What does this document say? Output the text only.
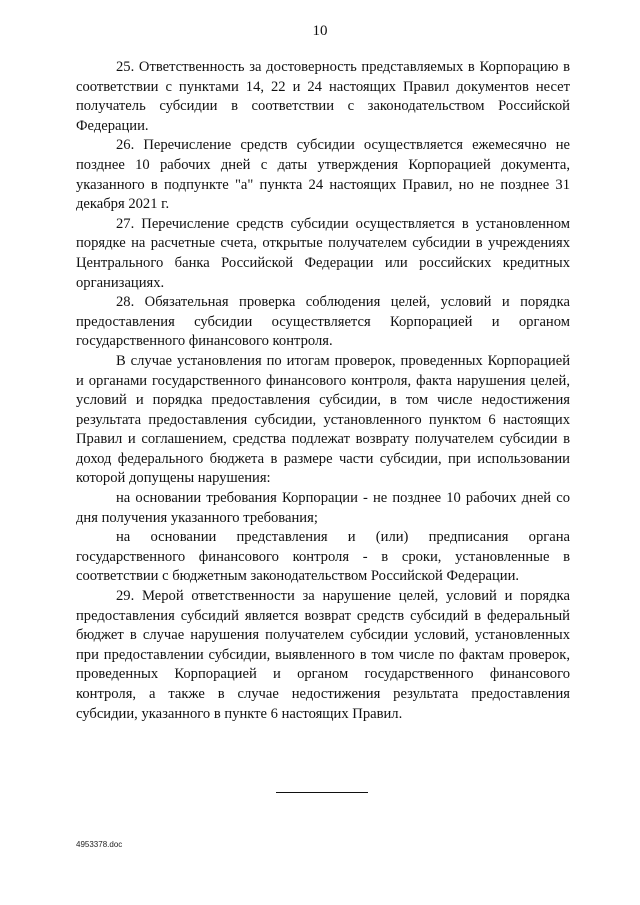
10

25. Ответственность за достоверность представляемых в Корпорацию в соответствии с пунктами 14, 22 и 24 настоящих Правил документов несет получатель субсидии в соответствии с законодательством Российской Федерации.

26. Перечисление средств субсидии осуществляется ежемесячно не позднее 10 рабочих дней с даты утверждения Корпорацией документа, указанного в подпункте "а" пункта 24 настоящих Правил, но не позднее 31 декабря 2021 г.

27. Перечисление средств субсидии осуществляется в установленном порядке на расчетные счета, открытые получателем субсидии в учреждениях Центрального банка Российской Федерации или российских кредитных организациях.

28. Обязательная проверка соблюдения целей, условий и порядка предоставления субсидии осуществляется Корпорацией и органом государственного финансового контроля.

В случае установления по итогам проверок, проведенных Корпорацией и органами государственного финансового контроля, факта нарушения целей, условий и порядка предоставления субсидии, в том числе недостижения результата предоставления субсидии, установленного пунктом 6 настоящих Правил и соглашением, средства подлежат возврату получателем субсидии в доход федерального бюджета в размере части субсидии, при использовании которой допущены нарушения:

на основании требования Корпорации - не позднее 10 рабочих дней со дня получения указанного требования;

на основании представления и (или) предписания органа государственного финансового контроля - в сроки, установленные в соответствии с бюджетным законодательством Российской Федерации.

29. Мерой ответственности за нарушение целей, условий и порядка предоставления субсидий является возврат средств субсидий в федеральный бюджет в случае нарушения получателем субсидии условий, установленных при предоставлении субсидии, выявленного в том числе по фактам проверок, проведенных Корпорацией и органом государственного финансового контроля, а также в случае недостижения результата предоставления субсидии, указанного в пункте 6 настоящих Правил.

4953378.doc
